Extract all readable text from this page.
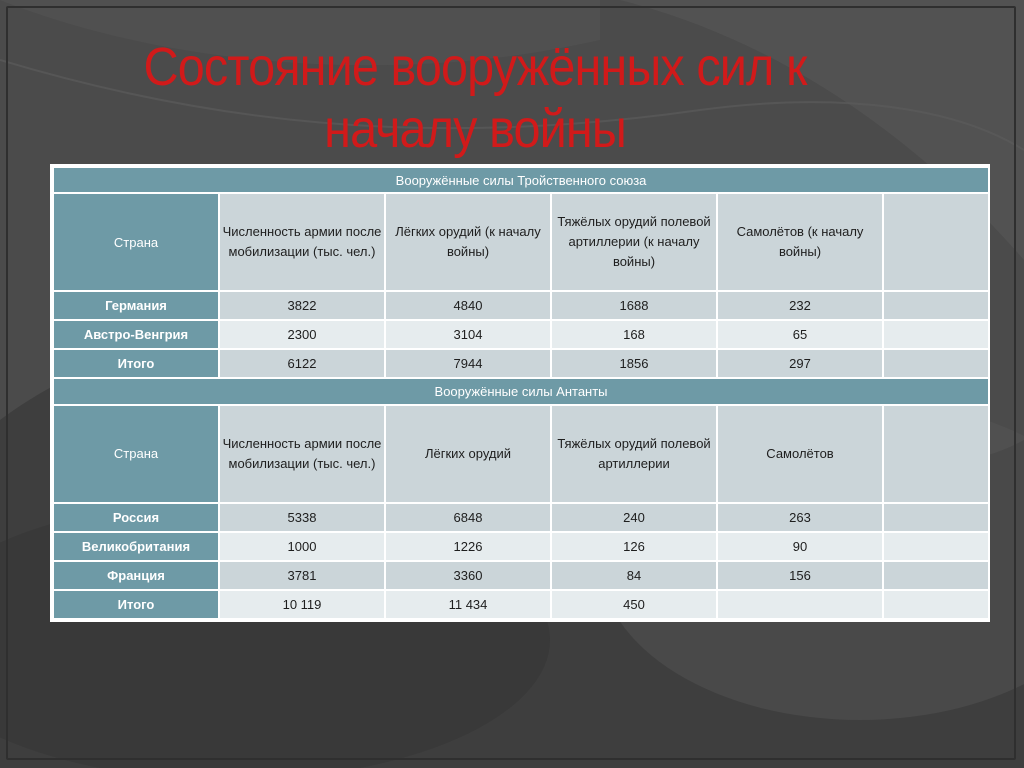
Состояние вооружённых сил к началу войны
Вооружённые силы Тройственного союза					
Страна	Численность армии после мобилизации (тыс. чел.)	Лёгких орудий (к началу войны)	Тяжёлых орудий полевой артиллерии (к началу войны)	Самолётов (к началу войны)	
Германия	3822	4840	1688	232	
Австро-Венгрия	2300	3104	168	65	
Итого	6122	7944	1856	297	
Вооружённые силы Антанты					
Страна	Численность армии после мобилизации (тыс. чел.)	Лёгких орудий	Тяжёлых орудий полевой артиллерии	Самолётов	
Россия	5338	6848	240	263	
Великобритания	1000	1226	126	90	
Франция	3781	3360	84	156	
Итого	10 119	11 434	450		
